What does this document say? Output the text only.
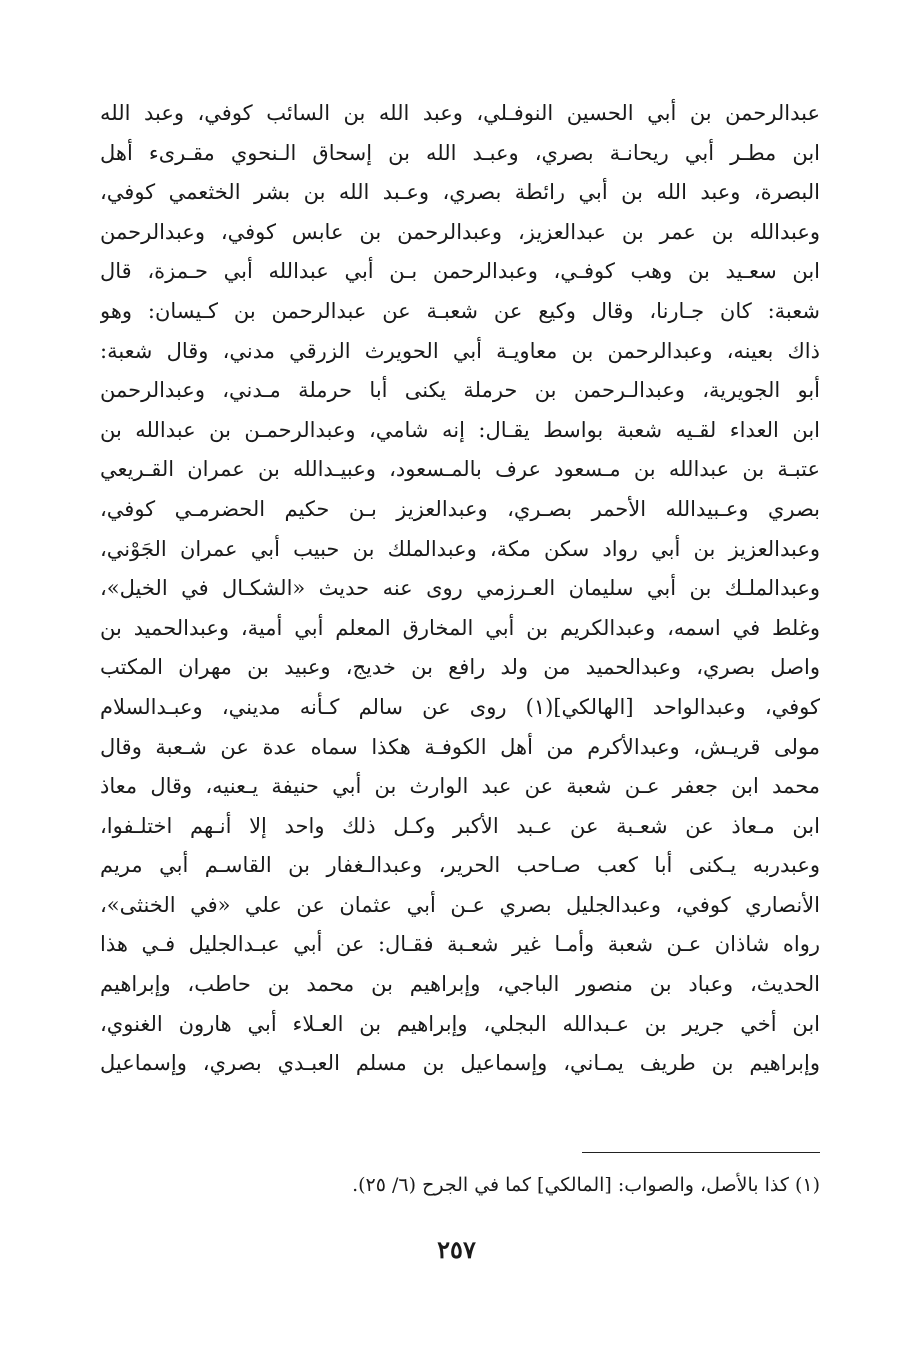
عبدالرحمن بن أبي الحسين النوفـلي، وعبد الله بن السائب كوفي، وعبد الله
ابن مطـر أبي ريحانـة بصري، وعبـد الله بن إسحاق الـنحوي مقـرىء أهل
البصرة، وعبد الله بن أبي رائطة بصري، وعـبد الله بن بشر الخثعمي كوفي،
وعبدالله بن عمر بن عبدالعزيز، وعبدالرحمن بن عابس كوفي، وعبدالرحمن
ابن سعـيد بن وهب كوفـي، وعبدالرحمن بـن أبي عبدالله أبي حـمزة، قال
شعبة: كان جـارنا، وقال وكيع عن شعبـة عن عبدالرحمن بن كـيسان: وهو
ذاك بعينه، وعبدالرحمن بن معاويـة أبي الحويرث الزرقي مدني، وقال شعبة:
أبو الجويرية، وعبدالـرحمن بن حرملة يكنى أبا حرملة مـدني، وعبدالرحمن
ابن العداء لقـيه شعبة بواسط يقـال: إنه شامي، وعبدالرحمـن بن عبدالله بن
عتبـة بن عبدالله بن مـسعود عرف بالمـسعود، وعبيـدالله بن عمران القـريعي
بصري وعـبيدالله الأحمر بصـري، وعبدالعزيز بـن حكيم الحضرمـي كوفي،
وعبدالعزيز بن أبي رواد سكن مكة، وعبدالملك بن حبيب أبي عمران الجَوْني،
وعبدالملـك بن أبي سليمان العـرزمي روى عنه حديث «الشكـال في الخيل»،
وغلط في اسمه، وعبدالكريم بن أبي المخارق المعلم أبي أمية، وعبدالحميد بن
واصل بصري، وعبدالحميد من ولد رافع بن خديج، وعبيد بن مهران المكتب
كوفي، وعبدالواحد [الهالكي](١) روى عن سالم كـأنه مديني، وعبـدالسلام
مولى قريـش، وعبدالأكرم من أهل الكوفـة هكذا سماه عدة عن شـعبة وقال
محمد ابن جعفر عـن شعبة عن عبد الوارث بن أبي حنيفة يـعنيه، وقال معاذ
ابن مـعاذ عن شعـبة عن عـبد الأكبر وكـل ذلك واحد إلا أنـهم اختلـفوا،
وعبدربه يـكنى أبا كعب صـاحب الحرير، وعبدالـغفار بن القاسـم أبي مريم
الأنصاري كوفي، وعبدالجليل بصري عـن أبي عثمان عن علي «في الخنثى»،
رواه شاذان عـن شعبة وأمـا غير شعـبة فقـال: عن أبي عبـدالجليل فـي هذا
الحديث، وعباد بن منصور الباجي، وإبراهيم بن محمد بن حاطب، وإبراهيم
ابن أخي جرير بن عـبدالله البجلي، وإبراهيم بن العـلاء أبي هارون الغنوي،
وإبراهيم بن طريف يمـاني، وإسماعيل بن مسلم العبـدي بصري، وإسماعيل
(١) كذا بالأصل، والصواب: [المالكي] كما في الجرح (٦/ ٢٥).
٢٥٧
